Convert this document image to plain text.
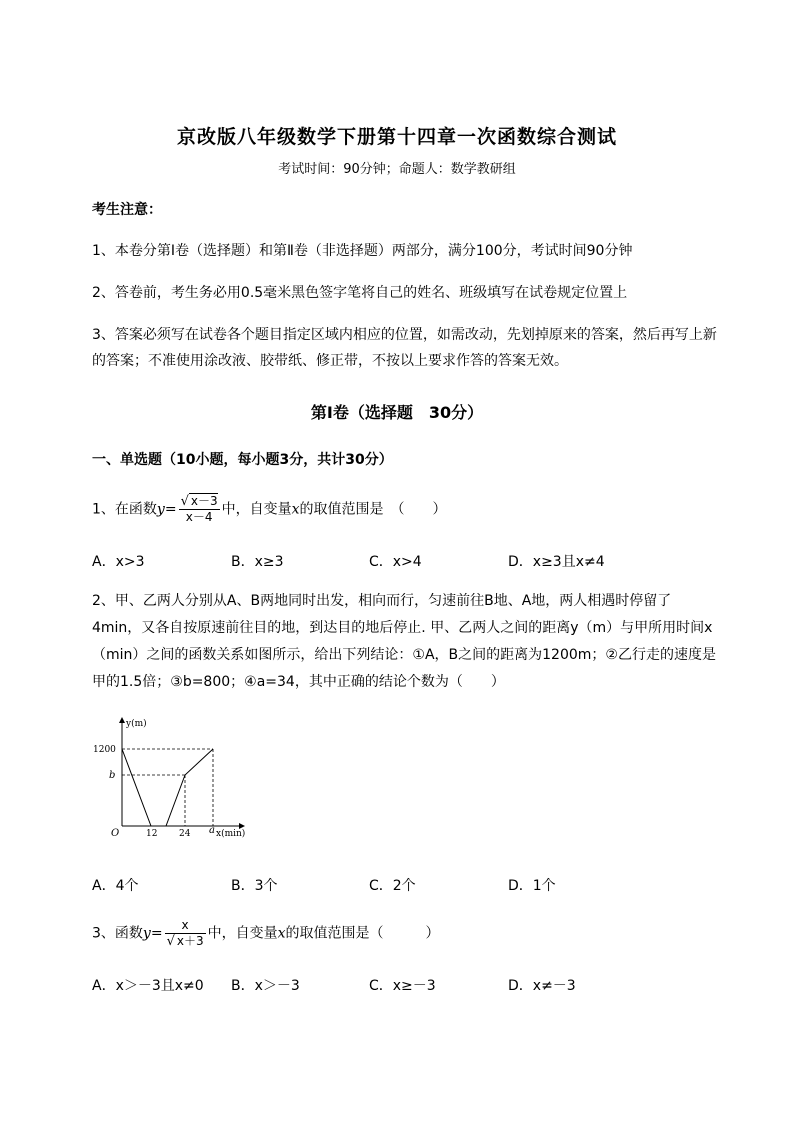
京改版八年级数学下册第十四章一次函数综合测试
考试时间：90分钟；命题人：数学教研组
考生注意：
1、本卷分第I卷（选择题）和第Ⅱ卷（非选择题）两部分，满分100分，考试时间90分钟
2、答卷前，考生务必用0.5毫米黑色签字笔将自己的姓名、班级填写在试卷规定位置上
3、答案必须写在试卷各个题目指定区域内相应的位置，如需改动，先划掉原来的答案，然后再写上新
的答案；不准使用涂改液、胶带纸、修正带，不按以上要求作答的答案无效。
第Ⅰ卷（选择题　30分）
一、单选题（10小题，每小题3分，共计30分）
1、在函数$y= \frac{√ x-3}{x-4}$ 中，自变量x的取值范围是　（　　）
A．x>3	B．x≥3	C．x>4	D．x≥3且x≠4
2、甲、乙两人分别从A、B两地同时出发，相向而行，匀速前往B地、A地，两人相遇时停留了
4min，又各自按原速前往目的地，到达目的地后停止. 甲、乙两人之间的距离y（m）与甲所用时间x
（min）之间的函数关系如图所示，给出下列结论：①A，B之间的距离为1200m；②乙行走的速度是
甲的1.5倍；③b=800；④a=34，其中正确的结论个数为（　　）
y(m)
1200
b
O	12 24 a x(min)
A．4个	B．3个	C．2个	D．1个
3、函数$y= \frac{x}{√ x+3}$ 中，自变量x的取值范围是（　　　）
A．x＞－3且x≠0 B．x＞－3	C．x≥－3	D．x≠－3
